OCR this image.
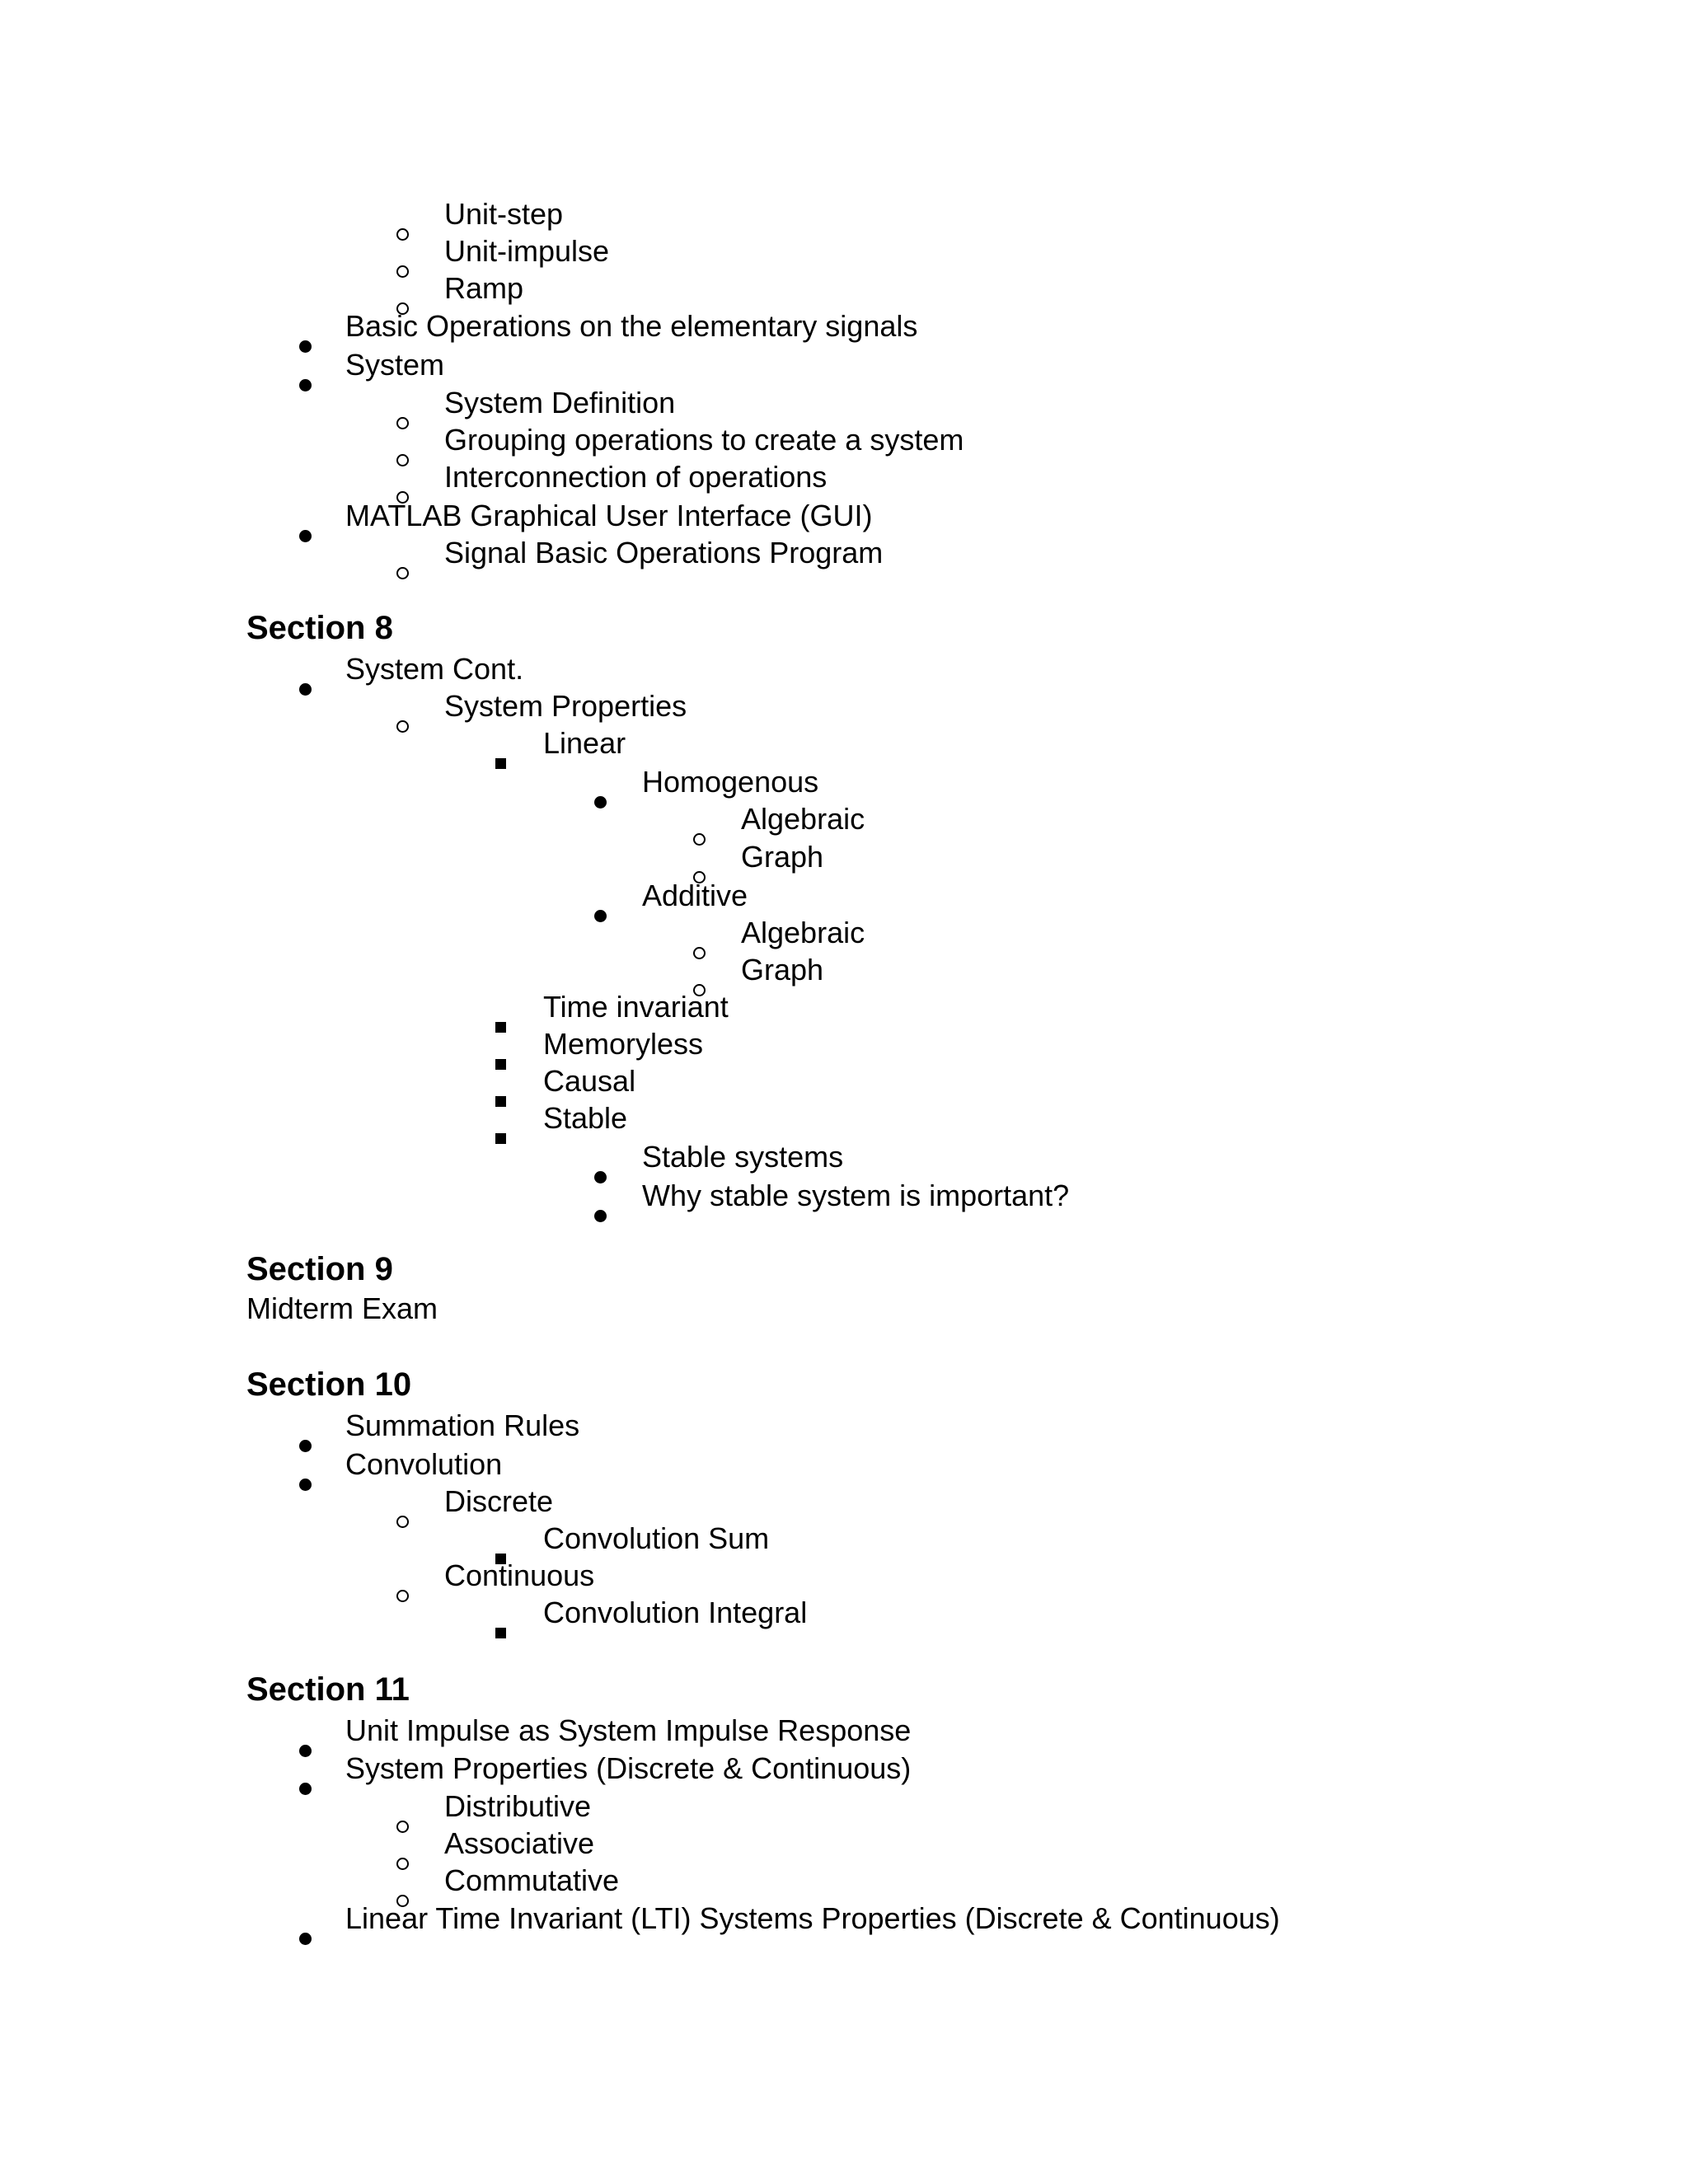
Unit-step
Unit-impulse
Ramp
Basic Operations on the elementary signals
System
System Definition
Grouping operations to create a system
Interconnection of operations
MATLAB Graphical User Interface (GUI)
Signal Basic Operations Program
Section 8
System Cont.
System Properties
Linear
Homogenous
Algebraic
Graph
Additive
Algebraic
Graph
Time invariant
Memoryless
Causal
Stable
Stable systems
Why stable system is important?
Section 9
Midterm Exam
Section 10
Summation Rules
Convolution
Discrete
Convolution Sum
Continuous
Convolution Integral
Section 11
Unit Impulse as System Impulse Response
System Properties (Discrete & Continuous)
Distributive
Associative
Commutative
Linear Time Invariant (LTI) Systems Properties (Discrete & Continuous)
